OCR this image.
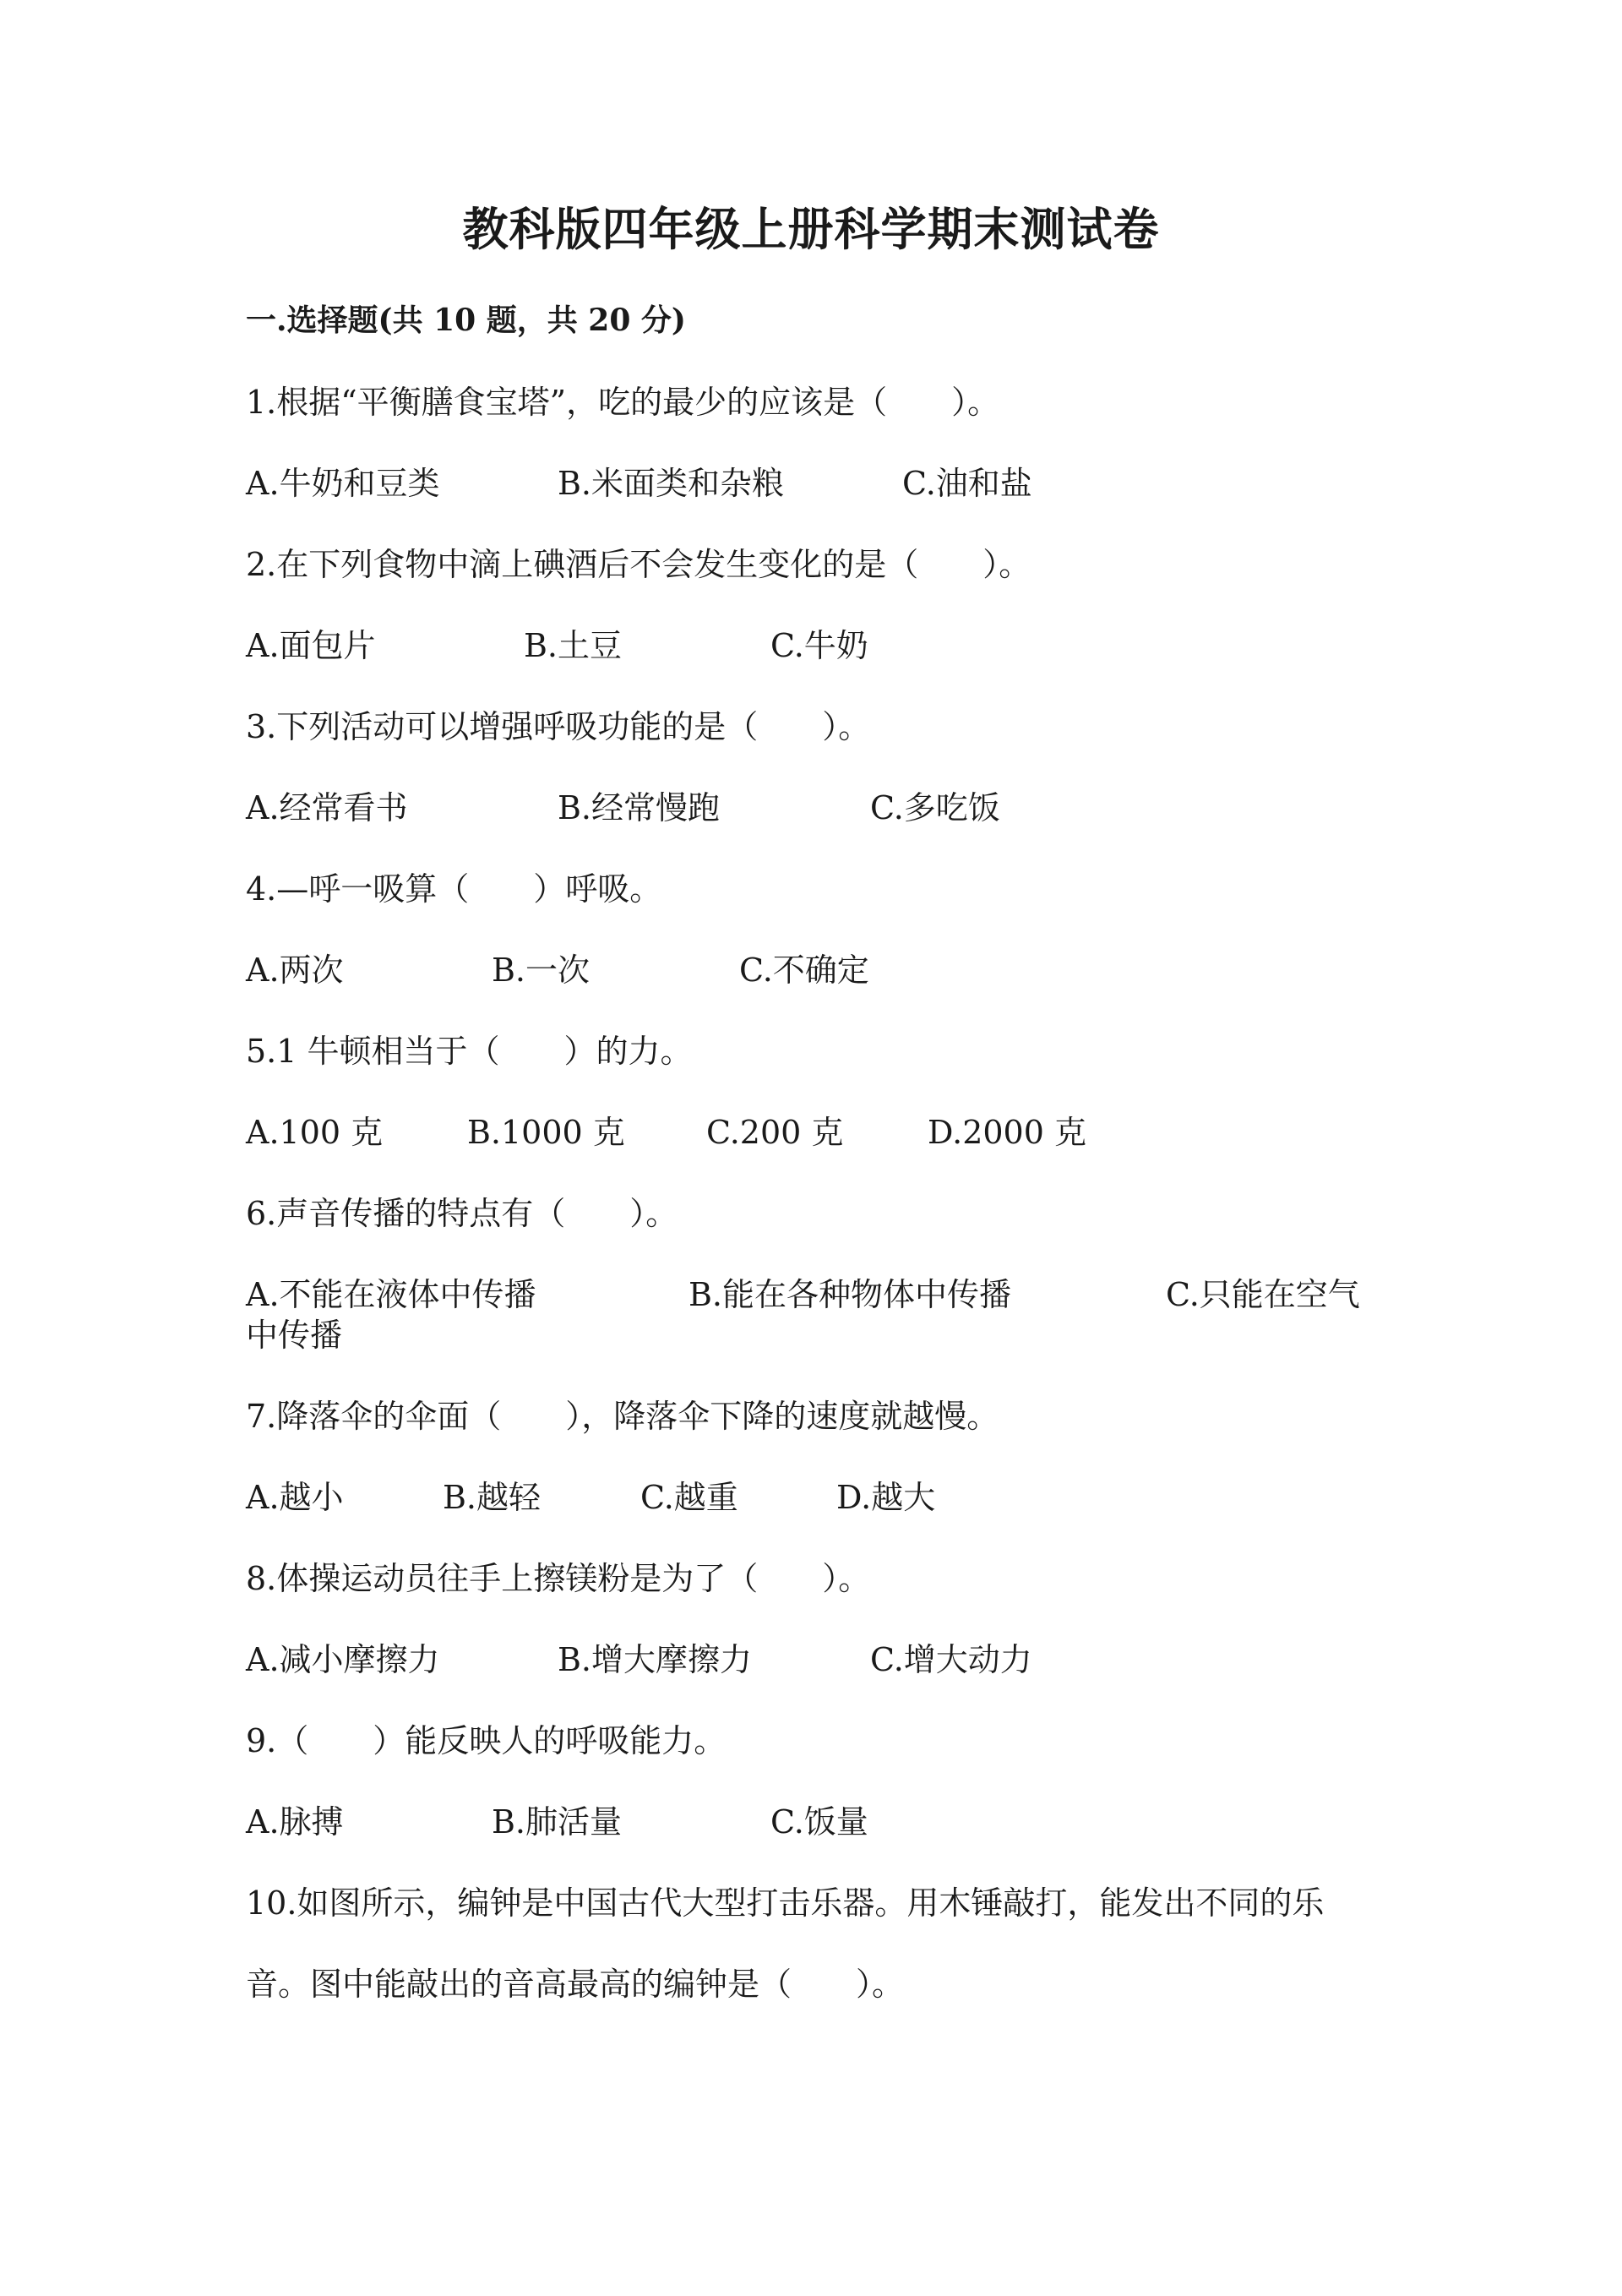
教科版四年级上册科学期末测试卷
一.选择题(共 10 题，共 20 分)
1.根据“平衡膳食宝塔”，吃的最少的应该是（　　）。
A.牛奶和豆类	B.米面类和杂粮	C.油和盐
2.在下列食物中滴上碘酒后不会发生变化的是（　　）。
A.面包片	B.土豆	C.牛奶
3.下列活动可以增强呼吸功能的是（　　）。
A.经常看书	B.经常慢跑	C.多吃饭
4.—呼一吸算（　　）呼吸。
A.两次	B.一次	C.不确定
5.1 牛顿相当于（　　）的力。
A.100 克	B.1000 克	C.200 克	D.2000 克
6.声音传播的特点有（　　）。
A.不能在液体中传播	B.能在各种物体中传播	C.只能在空气
中传播
7.降落伞的伞面（　　），降落伞下降的速度就越慢。
A.越小	B.越轻	C.越重	D.越大
8.体操运动员往手上擦镁粉是为了（　　）。
A.减小摩擦力	B.增大摩擦力	C.增大动力
9.（　　）能反映人的呼吸能力。
A.脉搏	B.肺活量	C.饭量
10.如图所示，编钟是中国古代大型打击乐器。用木锤敲打，能发出不同的乐
音。图中能敲出的音高最高的编钟是（　　）。
